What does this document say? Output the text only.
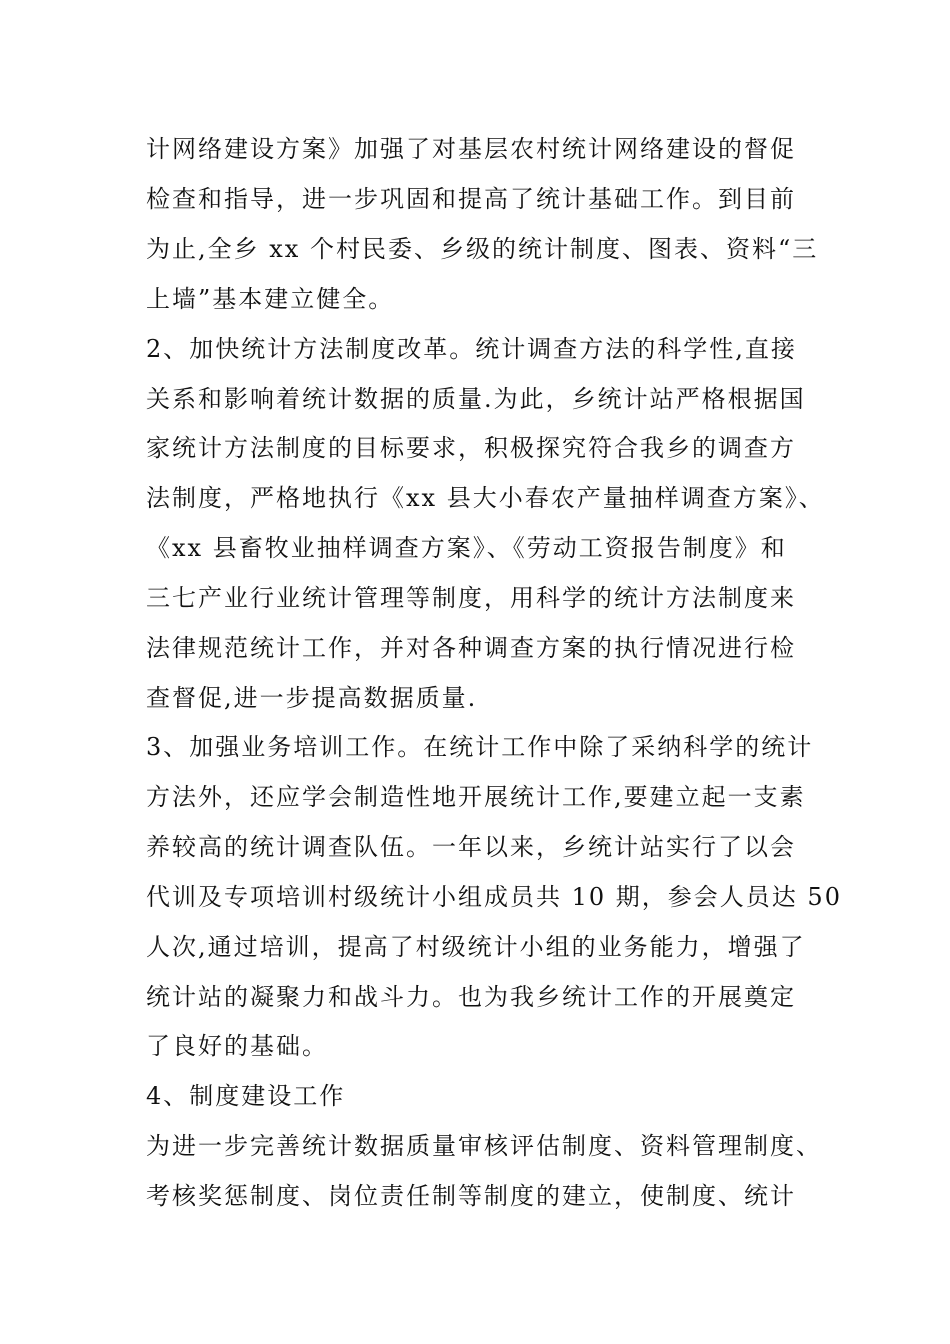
计网络建设方案》加强了对基层农村统计网络建设的督促
检查和指导，进一步巩固和提高了统计基础工作。到目前
为止,全乡 xx 个村民委、乡级的统计制度、图表、资料“三
上墙”基本建立健全。
2、加快统计方法制度改革。统计调查方法的科学性,直接
关系和影响着统计数据的质量.为此，乡统计站严格根据国
家统计方法制度的目标要求，积极探究符合我乡的调查方
法制度，严格地执行《xx 县大小春农产量抽样调查方案》、
《xx 县畜牧业抽样调查方案》、《劳动工资报告制度》和
三七产业行业统计管理等制度，用科学的统计方法制度来
法律规范统计工作，并对各种调查方案的执行情况进行检
查督促,进一步提高数据质量.
3、加强业务培训工作。在统计工作中除了采纳科学的统计
方法外，还应学会制造性地开展统计工作,要建立起一支素
养较高的统计调查队伍。一年以来，乡统计站实行了以会
代训及专项培训村级统计小组成员共 10 期，参会人员达 50
人次,通过培训，提高了村级统计小组的业务能力，增强了
统计站的凝聚力和战斗力。也为我乡统计工作的开展奠定
了良好的基础。
4、制度建设工作
为进一步完善统计数据质量审核评估制度、资料管理制度、
考核奖惩制度、岗位责任制等制度的建立，使制度、统计
